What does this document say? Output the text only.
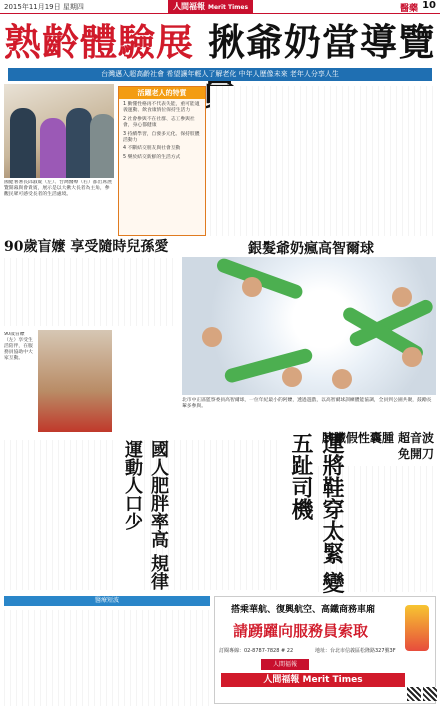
2015年11月19日 星期四	人間福報 Merit Times	醫藥 10
熟齡體驗展 揪爺奶當導覽
台灣邁入超高齡社會 希望讓年輕人了解老化 中年人歷像未來 老年人分享人生
國健署署長邱淑媞（左）、台灣醫療（右）都出席展覽開幕與會貴賓，展示是以大揪大長者為主角，參觀民眾可感受長者的生活處境。
活躍老人的特質
1 勤懂性格再不代表失能，重可能適義運動、飲食康情位保持生活力
2 社會參與不在社群、志工參與社會，身心都健康
3 持續學習，自發多元化、保持肢體活動力
4 不斷結交朋友與社會互動
5 樂於結交新鮮的生活方式
90歲盲嬤 享受隨時兒孫愛
90歲盲嬤（左）享受生活陪伴，在服務員協助中大家互動。
銀髮爺奶瘋高智爾球
北市中正區監察委員高智爾球，一位年紀最小的阿嬤，透過遊戲，以高智爾球訓練體能協調，全員到公園共聚，鼓勵長輩多參與。
國人肥胖率高 規律運動人口少	運將鞋穿太緊 變五趾司機 胰臟假性囊腫 超音波免開刀
醫療短波
搭乘華航、復興航空、高鐵商務車廂
請踴躍向服務員索取
訂閱專線：02-8787-7828 # 22	地址：台北市信義區松隆路327號3F
人間福報
人間福報 Merit Times
